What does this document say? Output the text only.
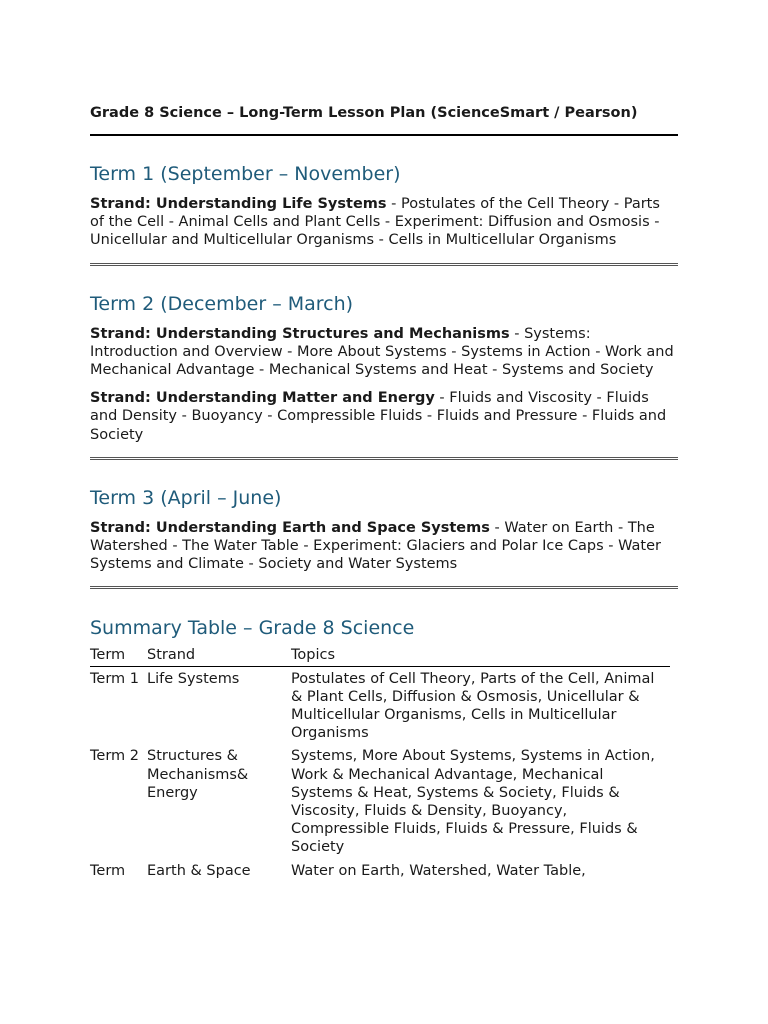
Grade 8 Science – Long-Term Lesson Plan (ScienceSmart / Pearson)
Term 1 (September – November)

Strand: Understanding Life Systems - Postulates of the Cell Theory - Parts of the Cell - Animal Cells and Plant Cells - Experiment: Diffusion and Osmosis - Unicellular and Multicellular Organisms - Cells in Multicellular Organisms

Term 2 (December – March)

Strand: Understanding Structures and Mechanisms - Systems: Introduction and Overview - More About Systems - Systems in Action - Work and Mechanical Advantage - Mechanical Systems and Heat - Systems and Society

Strand: Understanding Matter and Energy - Fluids and Viscosity - Fluids and Density - Buoyancy - Compressible Fluids - Fluids and Pressure - Fluids and Society

Term 3 (April – June)

Strand: Understanding Earth and Space Systems - Water on Earth - The Watershed - The Water Table - Experiment: Glaciers and Polar Ice Caps - Water Systems and Climate - Society and Water Systems

Summary Table – Grade 8 Science
Term	Strand	Topics
Term 1	Life Systems	Postulates of Cell Theory, Parts of the Cell, Animal & Plant Cells, Diffusion & Osmosis, Unicellular & Multicellular Organisms, Cells in Multicellular Organisms
Term 2	Structures & Mechanisms& Energy	Systems, More About Systems, Systems in Action, Work & Mechanical Advantage, Mechanical Systems & Heat, Systems & Society, Fluids & Viscosity, Fluids & Density, Buoyancy, Compressible Fluids, Fluids & Pressure, Fluids & Society
Term	Earth & Space	Water on Earth, Watershed, Water Table,
